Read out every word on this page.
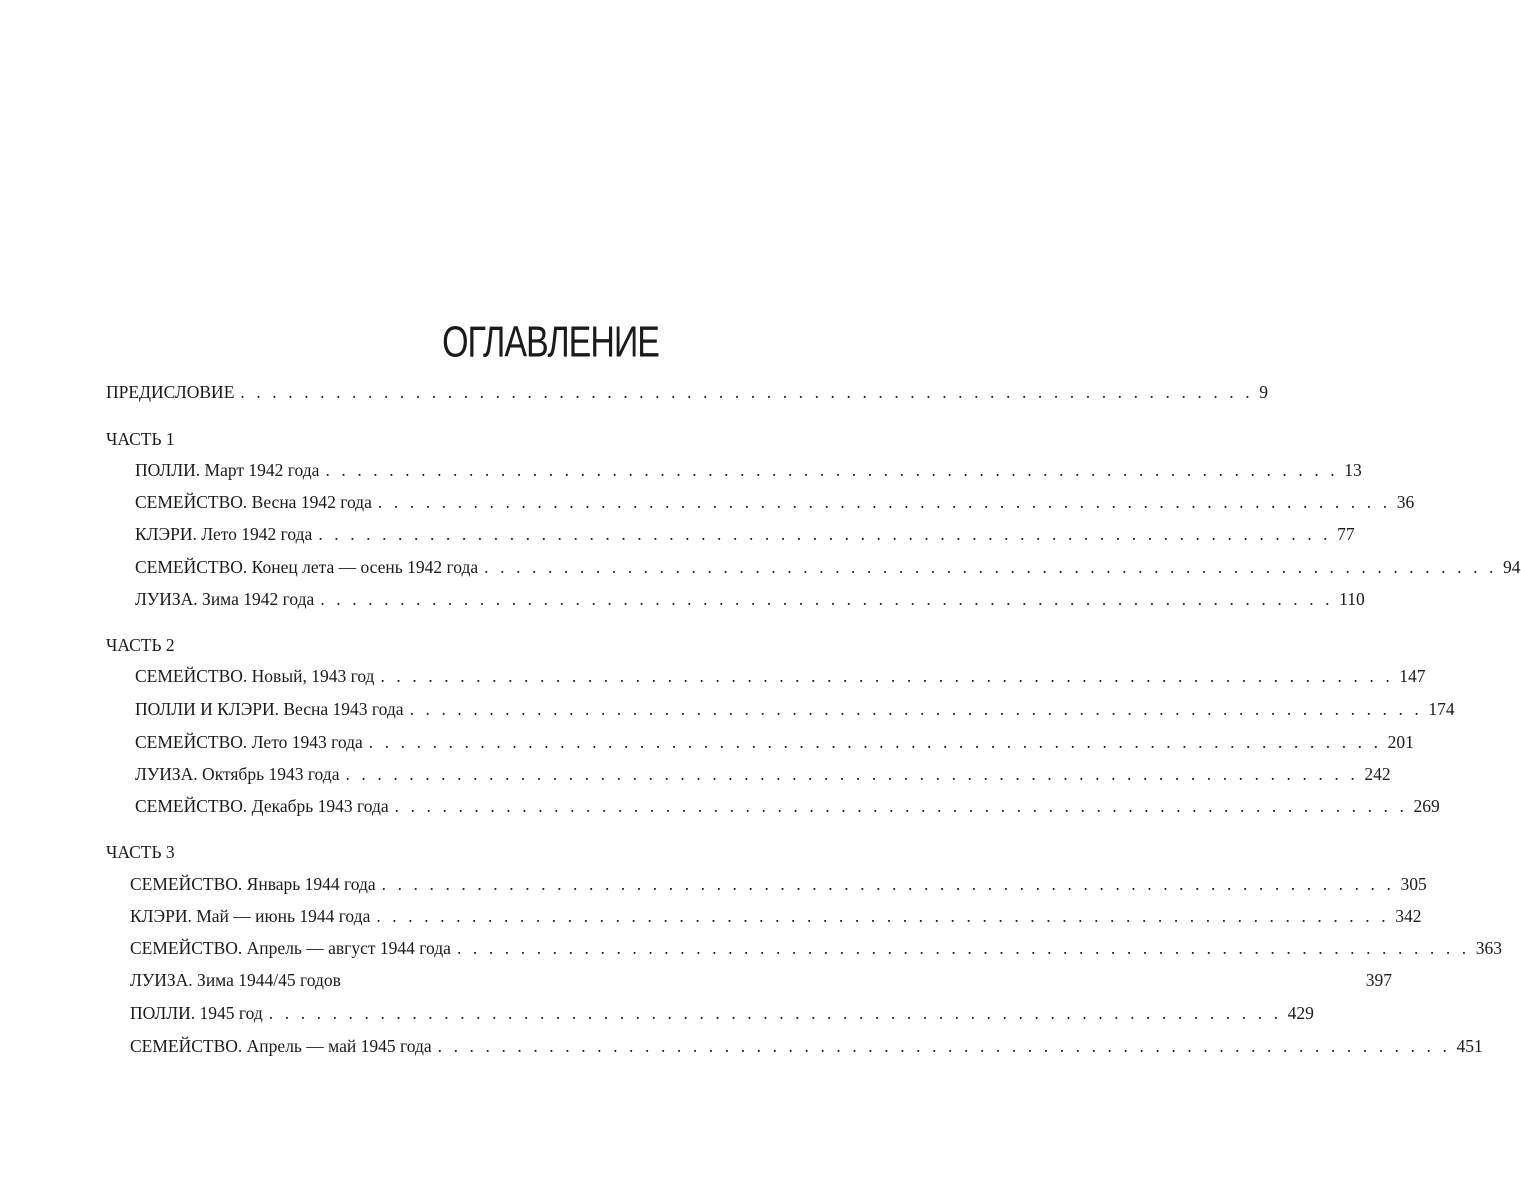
ОГЛАВЛЕНИЕ
ПРЕДИСЛОВИЕ . . . . . . . . . . . . . . . . . . . . . . . . . . . . . . . . . . . . . . . . . . . . . . . . . . . . . . . . . . . . . . . . 9
ЧАСТЬ 1
ПОЛЛИ. Март 1942 года . . . . . . . . . . . . . . . . . . . . . . . . . . . . . . . . . . . . . . . . . . . . . . . . . . . . . . . . . . . . . . . . 13
СЕМЕЙСТВО. Весна 1942 года . . . . . . . . . . . . . . . . . . . . . . . . . . . . . . . . . . . . . . . . . . . . . . . . . . . . . . . . . . . . . . . . 36
КЛЭРИ. Лето 1942 года . . . . . . . . . . . . . . . . . . . . . . . . . . . . . . . . . . . . . . . . . . . . . . . . . . . . . . . . . . . . . . . . 77
СЕМЕЙСТВО. Конец лета — осень 1942 года . . . . . . . . . . . . . . . . . . . . . . . . . . . . . . . . . . . . . . . . . . . . . . . . . . . . . . . . . . . . . . . . 94
ЛУИЗА. Зима 1942 года . . . . . . . . . . . . . . . . . . . . . . . . . . . . . . . . . . . . . . . . . . . . . . . . . . . . . . . . . . . . . . . . 110
ЧАСТЬ 2
СЕМЕЙСТВО. Новый, 1943 год . . . . . . . . . . . . . . . . . . . . . . . . . . . . . . . . . . . . . . . . . . . . . . . . . . . . . . . . . . . . . . . . 147
ПОЛЛИ И КЛЭРИ. Весна 1943 года . . . . . . . . . . . . . . . . . . . . . . . . . . . . . . . . . . . . . . . . . . . . . . . . . . . . . . . . . . . . . . . . 174
СЕМЕЙСТВО. Лето 1943 года . . . . . . . . . . . . . . . . . . . . . . . . . . . . . . . . . . . . . . . . . . . . . . . . . . . . . . . . . . . . . . . . 201
ЛУИЗА. Октябрь 1943 года . . . . . . . . . . . . . . . . . . . . . . . . . . . . . . . . . . . . . . . . . . . . . . . . . . . . . . . . . . . . . . . . 242
СЕМЕЙСТВО. Декабрь 1943 года . . . . . . . . . . . . . . . . . . . . . . . . . . . . . . . . . . . . . . . . . . . . . . . . . . . . . . . . . . . . . . . . 269
ЧАСТЬ 3
СЕМЕЙСТВО. Январь 1944 года . . . . . . . . . . . . . . . . . . . . . . . . . . . . . . . . . . . . . . . . . . . . . . . . . . . . . . . . . . . . . . . . 305
КЛЭРИ. Май — июнь 1944 года . . . . . . . . . . . . . . . . . . . . . . . . . . . . . . . . . . . . . . . . . . . . . . . . . . . . . . . . . . . . . . . . 342
СЕМЕЙСТВО. Апрель — август 1944 года . . . . . . . . . . . . . . . . . . . . . . . . . . . . . . . . . . . . . . . . . . . . . . . . . . . . . . . . . . . . . . . . 363
ЛУИЗА. Зима 1944/45 годов	397
ПОЛЛИ. 1945 год . . . . . . . . . . . . . . . . . . . . . . . . . . . . . . . . . . . . . . . . . . . . . . . . . . . . . . . . . . . . . . . . 429
СЕМЕЙСТВО. Апрель — май 1945 года . . . . . . . . . . . . . . . . . . . . . . . . . . . . . . . . . . . . . . . . . . . . . . . . . . . . . . . . . . . . . . . . 451
